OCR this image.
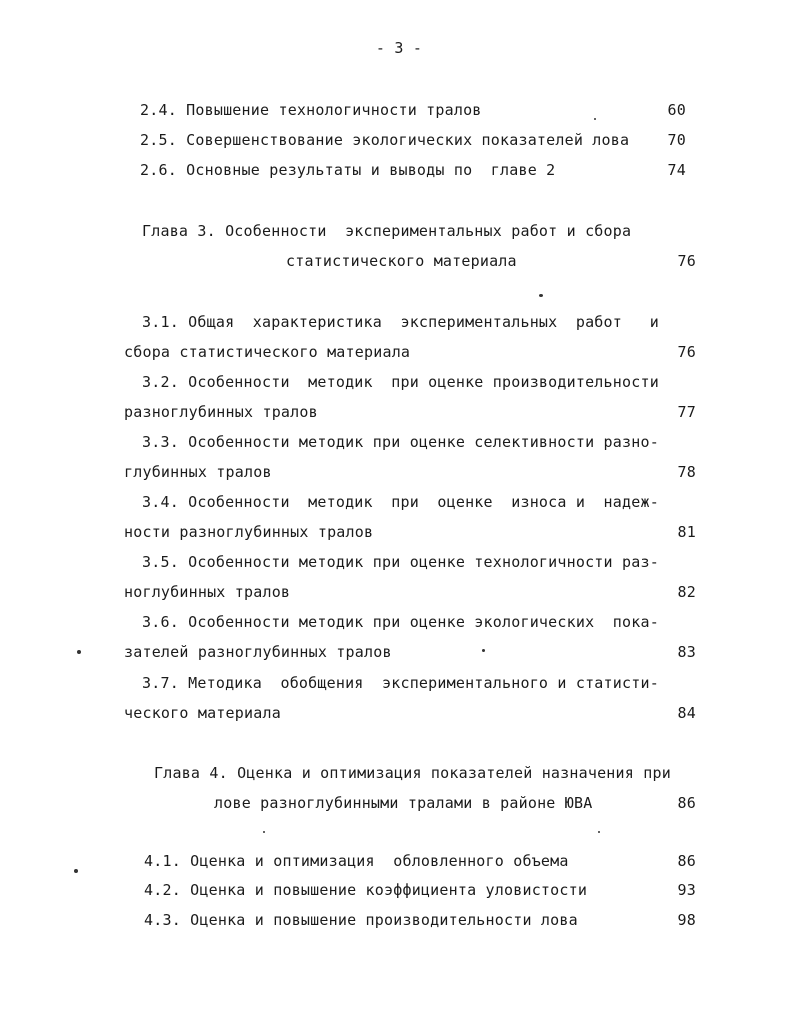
- 3 -
2.4. Повышение технологичности тралов	60
2.5. Совершенствование экологических показателей лова	70
2.6. Основные результаты и выводы по  главе 2	74
Глава 3. Особенности  экспериментальных работ и сбора
статистического материала	76
3.1. Общая  характеристика  экспериментальных  работ   и
сбора статистического материала	76
3.2. Особенности  методик  при оценке производительности
разноглубинных тралов	77
3.3. Особенности методик при оценке селективности разно-
глубинных тралов	78
3.4. Особенности  методик  при  оценке  износа и  надеж-
ности разноглубинных тралов	81
3.5. Особенности методик при оценке технологичности раз-
ноглубинных тралов	82
3.6. Особенности методик при оценке экологических  пока-
зателей разноглубинных тралов	83
3.7. Методика  обобщения  экспериментального и статисти-
ческого материала	84
Глава 4. Оценка и оптимизация показателей назначения при
лове разноглубинными тралами в районе ЮВА	86
4.1. Оценка и оптимизация  обловленного объема	86
4.2. Оценка и повышение коэффициента уловистости	93
4.3. Оценка и повышение производительности лова	98
